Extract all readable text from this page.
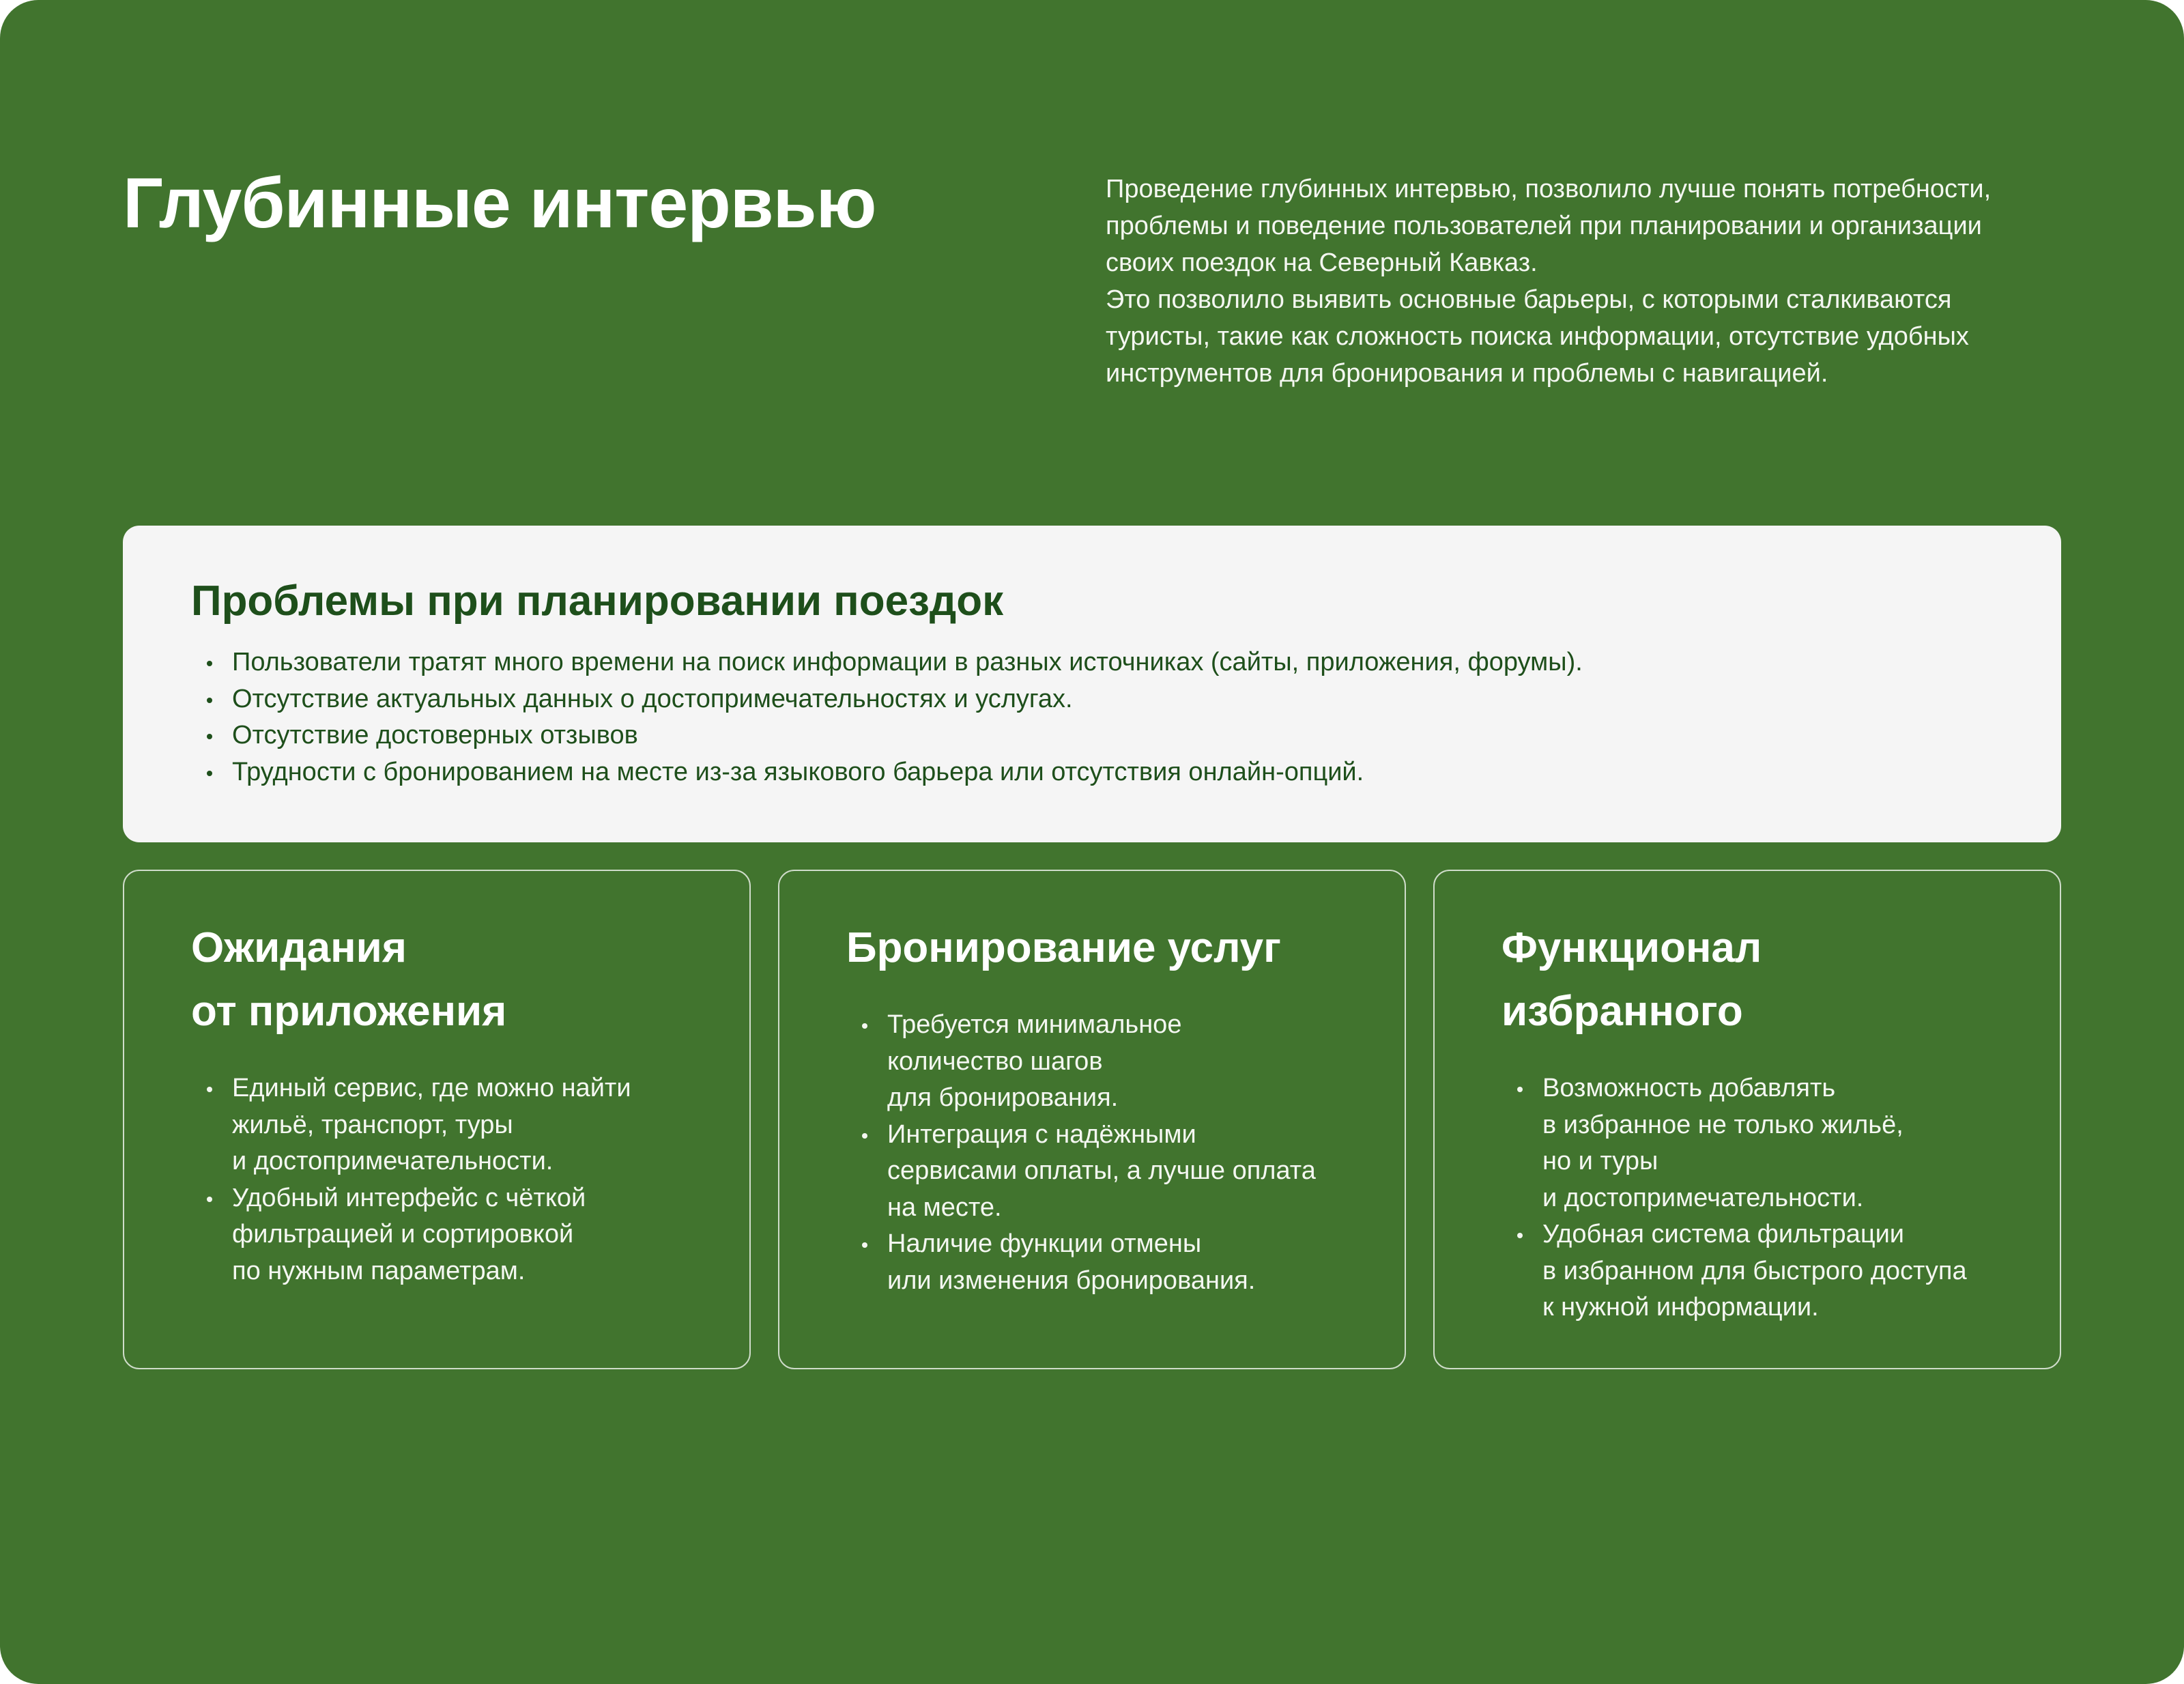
Глубинные интервью	Проведение глубинных интервью, позволило лучше понять потребности,
проблемы и поведение пользователей при планировании и организации
своих поездок на Северный Кавказ.

Это позволило выявить основные барьеры, с которыми сталкиваются
туристы, такие как сложность поиска информации, отсутствие удобных
инструментов для бронирования и проблемы с навигацией.

Проблемы при планировании поездок
Пользователи тратят много времени на поиск информации в разных источниках (сайты, приложения, форумы).
Отсутствие актуальных данных о достопримечательностях и услугах.
Отсутствие достоверных отзывов
Трудности с бронированием на месте из-за языкового барьера или отсутствия онлайн-опций.
Ожидания
от приложения
Единый сервис, где можно найти
жильё, транспорт, туры
и достопримечательности.
Удобный интерфейс с чёткой
фильтрацией и сортировкой
по нужным параметрам.
Бронирование услуг
Требуется минимальное
количество шагов
для бронирования.
Интеграция с надёжными
сервисами оплаты, а лучше оплата
на месте.
Наличие функции отмены
или изменения бронирования.
Функционал
избранного
Возможность добавлять
в избранное не только жильё,
но и туры
и достопримечательности.
Удобная система фильтрации
в избранном для быстрого доступа
к нужной информации.
